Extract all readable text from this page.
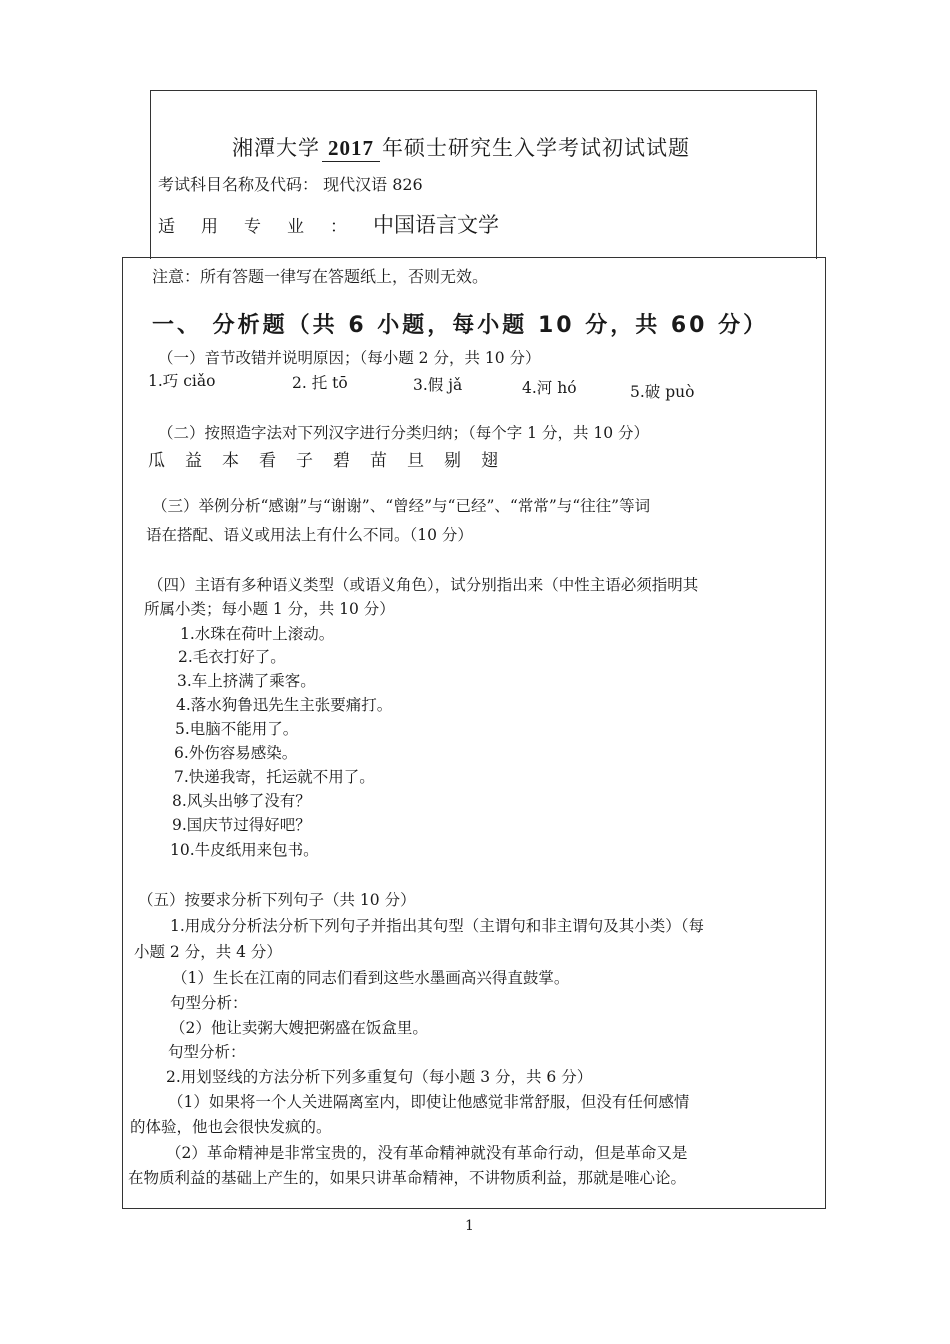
湘潭大学 2017 年硕士研究生入学考试初试试题
考试科目名称及代码： 现代汉语 826
适用专业：中国语言文学
注意：所有答题一律写在答题纸上，否则无效。
一、 分析题（共 6 小题，每小题 10 分，共 60 分）
（一）音节改错并说明原因；（每小题 2 分，共 10 分）
1.巧 ciǎo	2. 托 tō	3.假 jǎ	4.河 hó	5.破 può
（二）按照造字法对下列汉字进行分类归纳；（每个字 1 分，共 10 分）
瓜 益 本 看 子 碧 苗 旦 剔 翅
（三）举例分析“感谢”与“谢谢”、“曾经”与“已经”、“常常”与“往往”等词
语在搭配、语义或用法上有什么不同。（10 分）
（四）主语有多种语义类型（或语义角色），试分别指出来（中性主语必须指明其
所属小类；每小题 1 分，共 10 分）
1.水珠在荷叶上滚动。
2.毛衣打好了。
3.车上挤满了乘客。
4.落水狗鲁迅先生主张要痛打。
5.电脑不能用了。
6.外伤容易感染。
7.快递我寄，托运就不用了。
8.风头出够了没有？
9.国庆节过得好吧？
10.牛皮纸用来包书。
（五）按要求分析下列句子（共 10 分）
1.用成分分析法分析下列句子并指出其句型（主谓句和非主谓句及其小类）（每
小题 2 分，共 4 分）
（1）生长在江南的同志们看到这些水墨画高兴得直鼓掌。
句型分析：
（2）他让卖粥大嫂把粥盛在饭盒里。
句型分析：
2.用划竖线的方法分析下列多重复句（每小题 3 分，共 6 分）
（1）如果将一个人关进隔离室内，即使让他感觉非常舒服，但没有任何感情
的体验，他也会很快发疯的。
（2）革命精神是非常宝贵的，没有革命精神就没有革命行动，但是革命又是
在物质利益的基础上产生的，如果只讲革命精神，不讲物质利益，那就是唯心论。
1
